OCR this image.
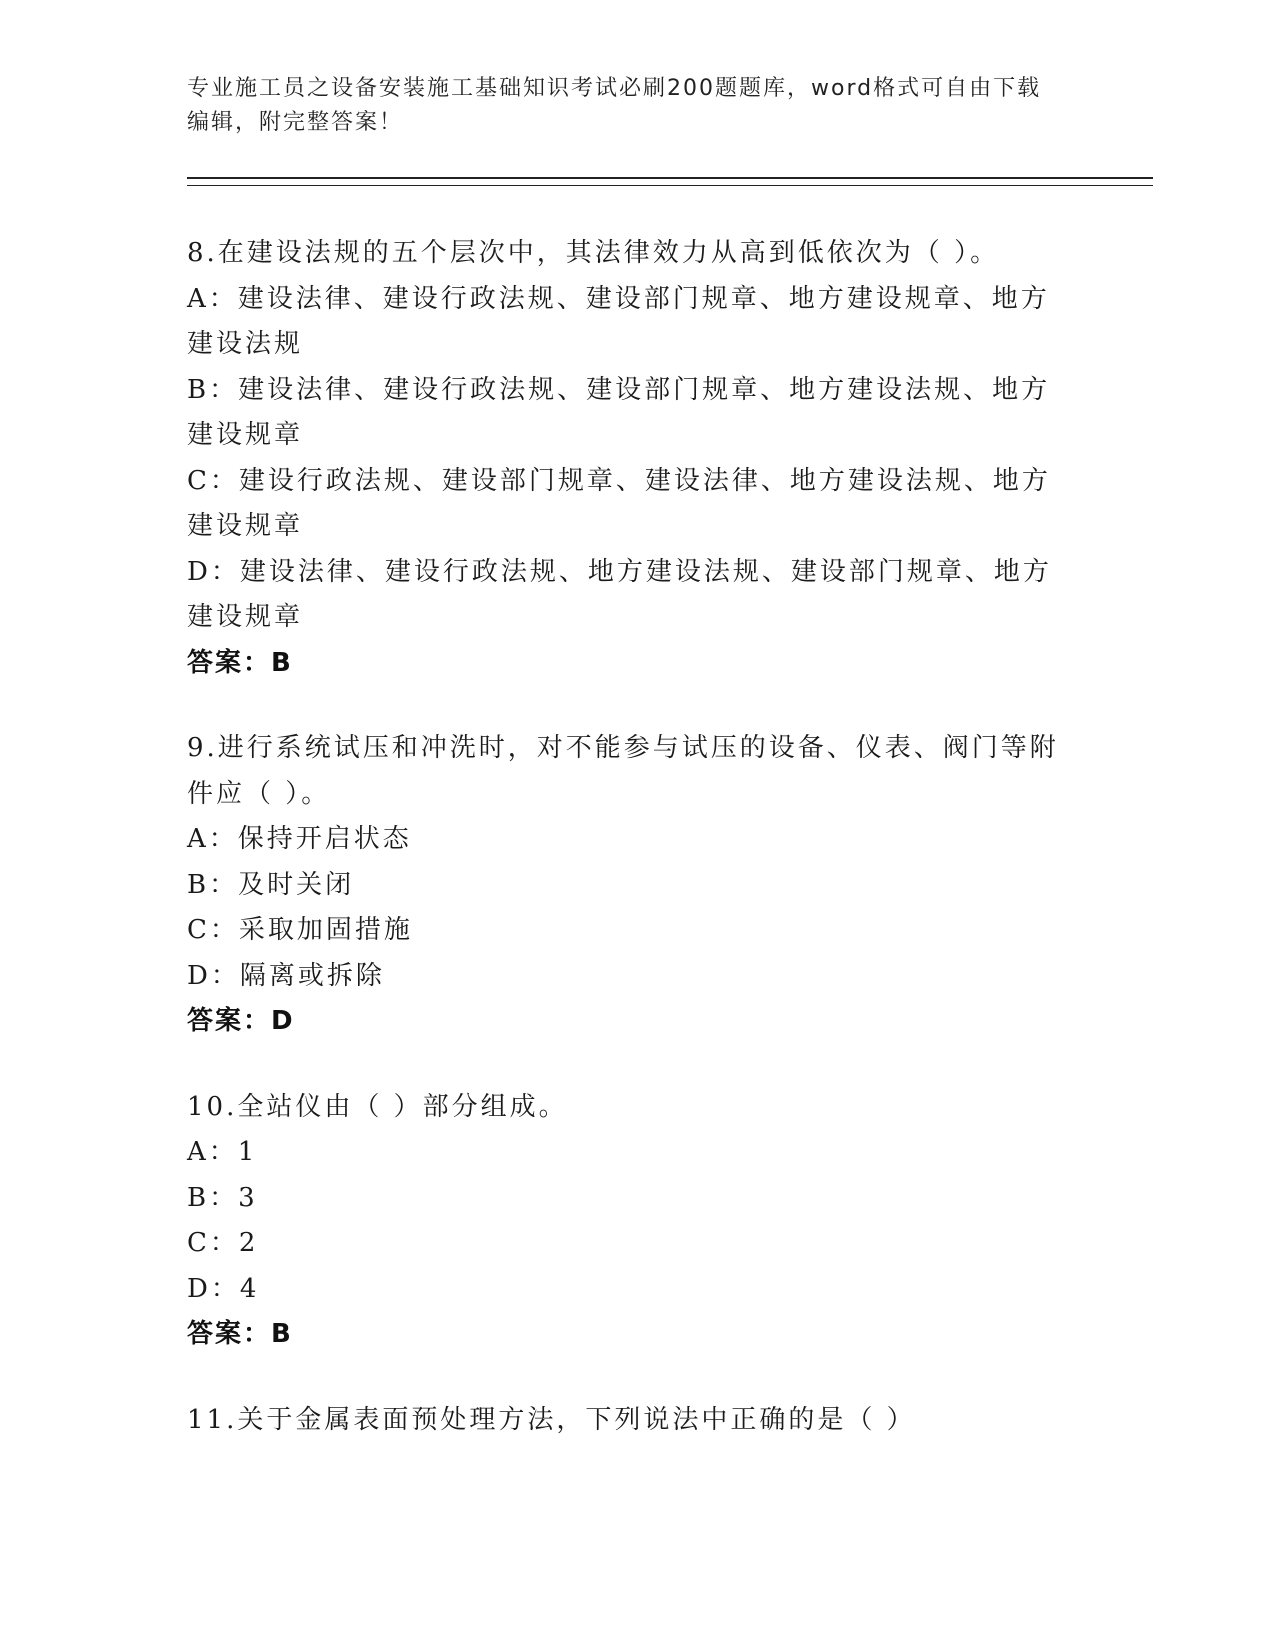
专业施工员之设备安装施工基础知识考试必刷200题题库，word格式可自由下载
编辑，附完整答案！
8.在建设法规的五个层次中，其法律效力从高到低依次为（ ）。
A：建设法律、建设行政法规、建设部门规章、地方建设规章、地方建设法规
B：建设法律、建设行政法规、建设部门规章、地方建设法规、地方建设规章
C：建设行政法规、建设部门规章、建设法律、地方建设法规、地方建设规章
D：建设法律、建设行政法规、地方建设法规、建设部门规章、地方建设规章
答案：B
9.进行系统试压和冲洗时，对不能参与试压的设备、仪表、阀门等附件应（ ）。
A：保持开启状态
B：及时关闭
C：采取加固措施
D：隔离或拆除
答案：D
10.全站仪由（ ）部分组成。
A：1
B：3
C：2
D：4
答案：B
11.关于金属表面预处理方法，下列说法中正确的是（ ）
